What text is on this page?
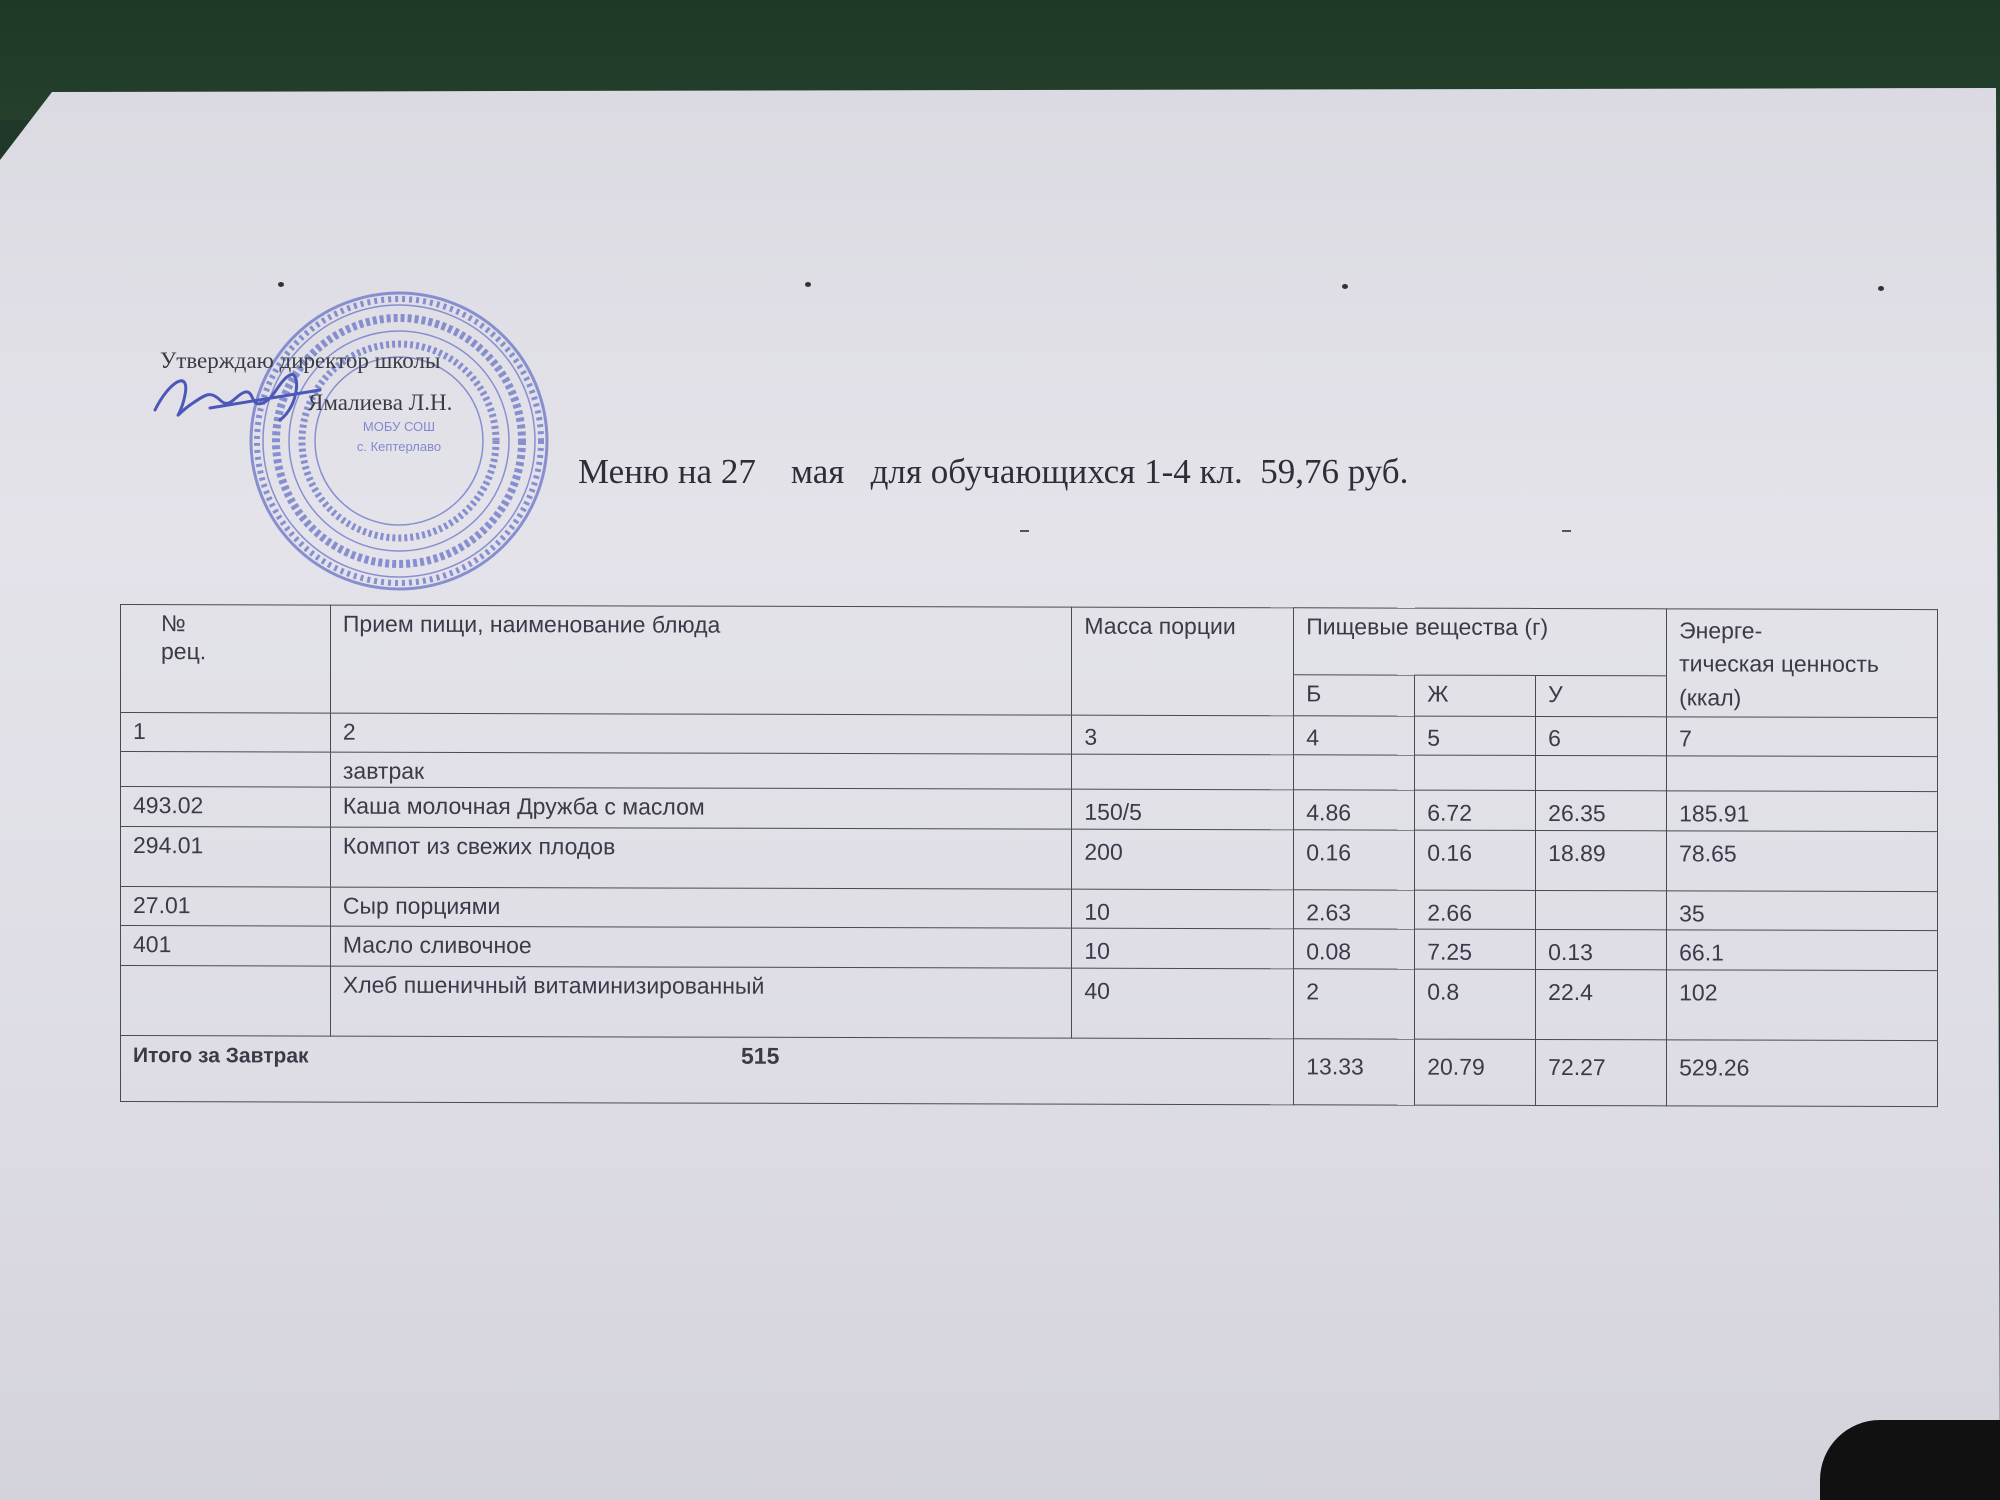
МОБУ СОШ
с. Кептерлаво
Утверждаю директор школы
Ямалиева Л.Н.
Меню на 27    мая   для обучающихся 1-4 кл.  59,76 руб.
№
рец.	Прием пищи, наименование блюда	Масса порции	Пищевые вещества (г)			Энерге-
тическая ценность
(ккал)
			Б	Ж	У	
1	2	3	4	5	6	7
	завтрак					
493.02	Каша молочная Дружба с маслом	150/5	4.86	6.72	26.35	185.91
294.01	Компот из свежих плодов	200	0.16	0.16	18.89	78.65
27.01	Сыр порциями	10	2.63	2.66		35
401	Масло сливочное	10	0.08	7.25	0.13	66.1
	Хлеб пшеничный витаминизированный	40	2	0.8	22.4	102
Итого за Завтрак 515			13.33	20.79	72.27	529.26
